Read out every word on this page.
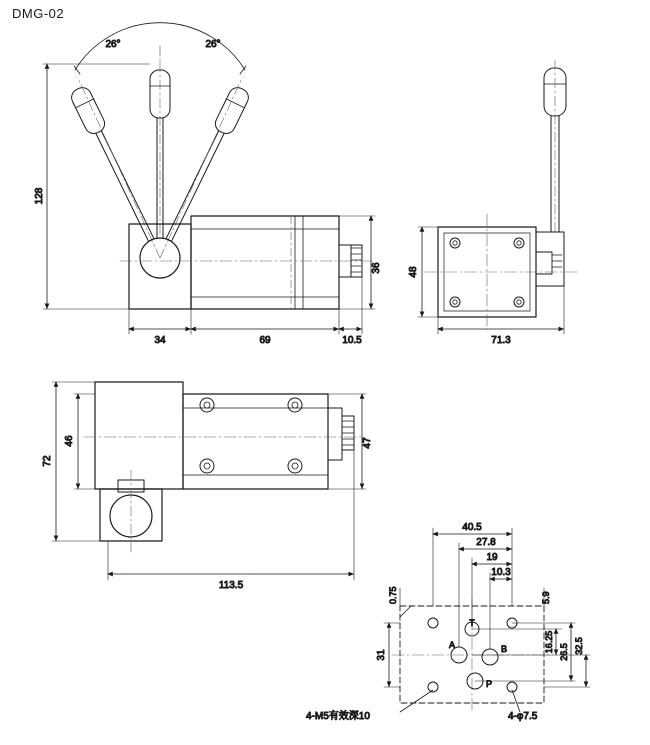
DMG-02
128
36
34	69	10.5
26°	26°
48
71.3
46
72
47
113.5
T
A	B
P
40.5
27.8
19
10.3
0.75	5.9
31
16.25 26.5 32.5
4-M5有效深10	4-φ7.5
